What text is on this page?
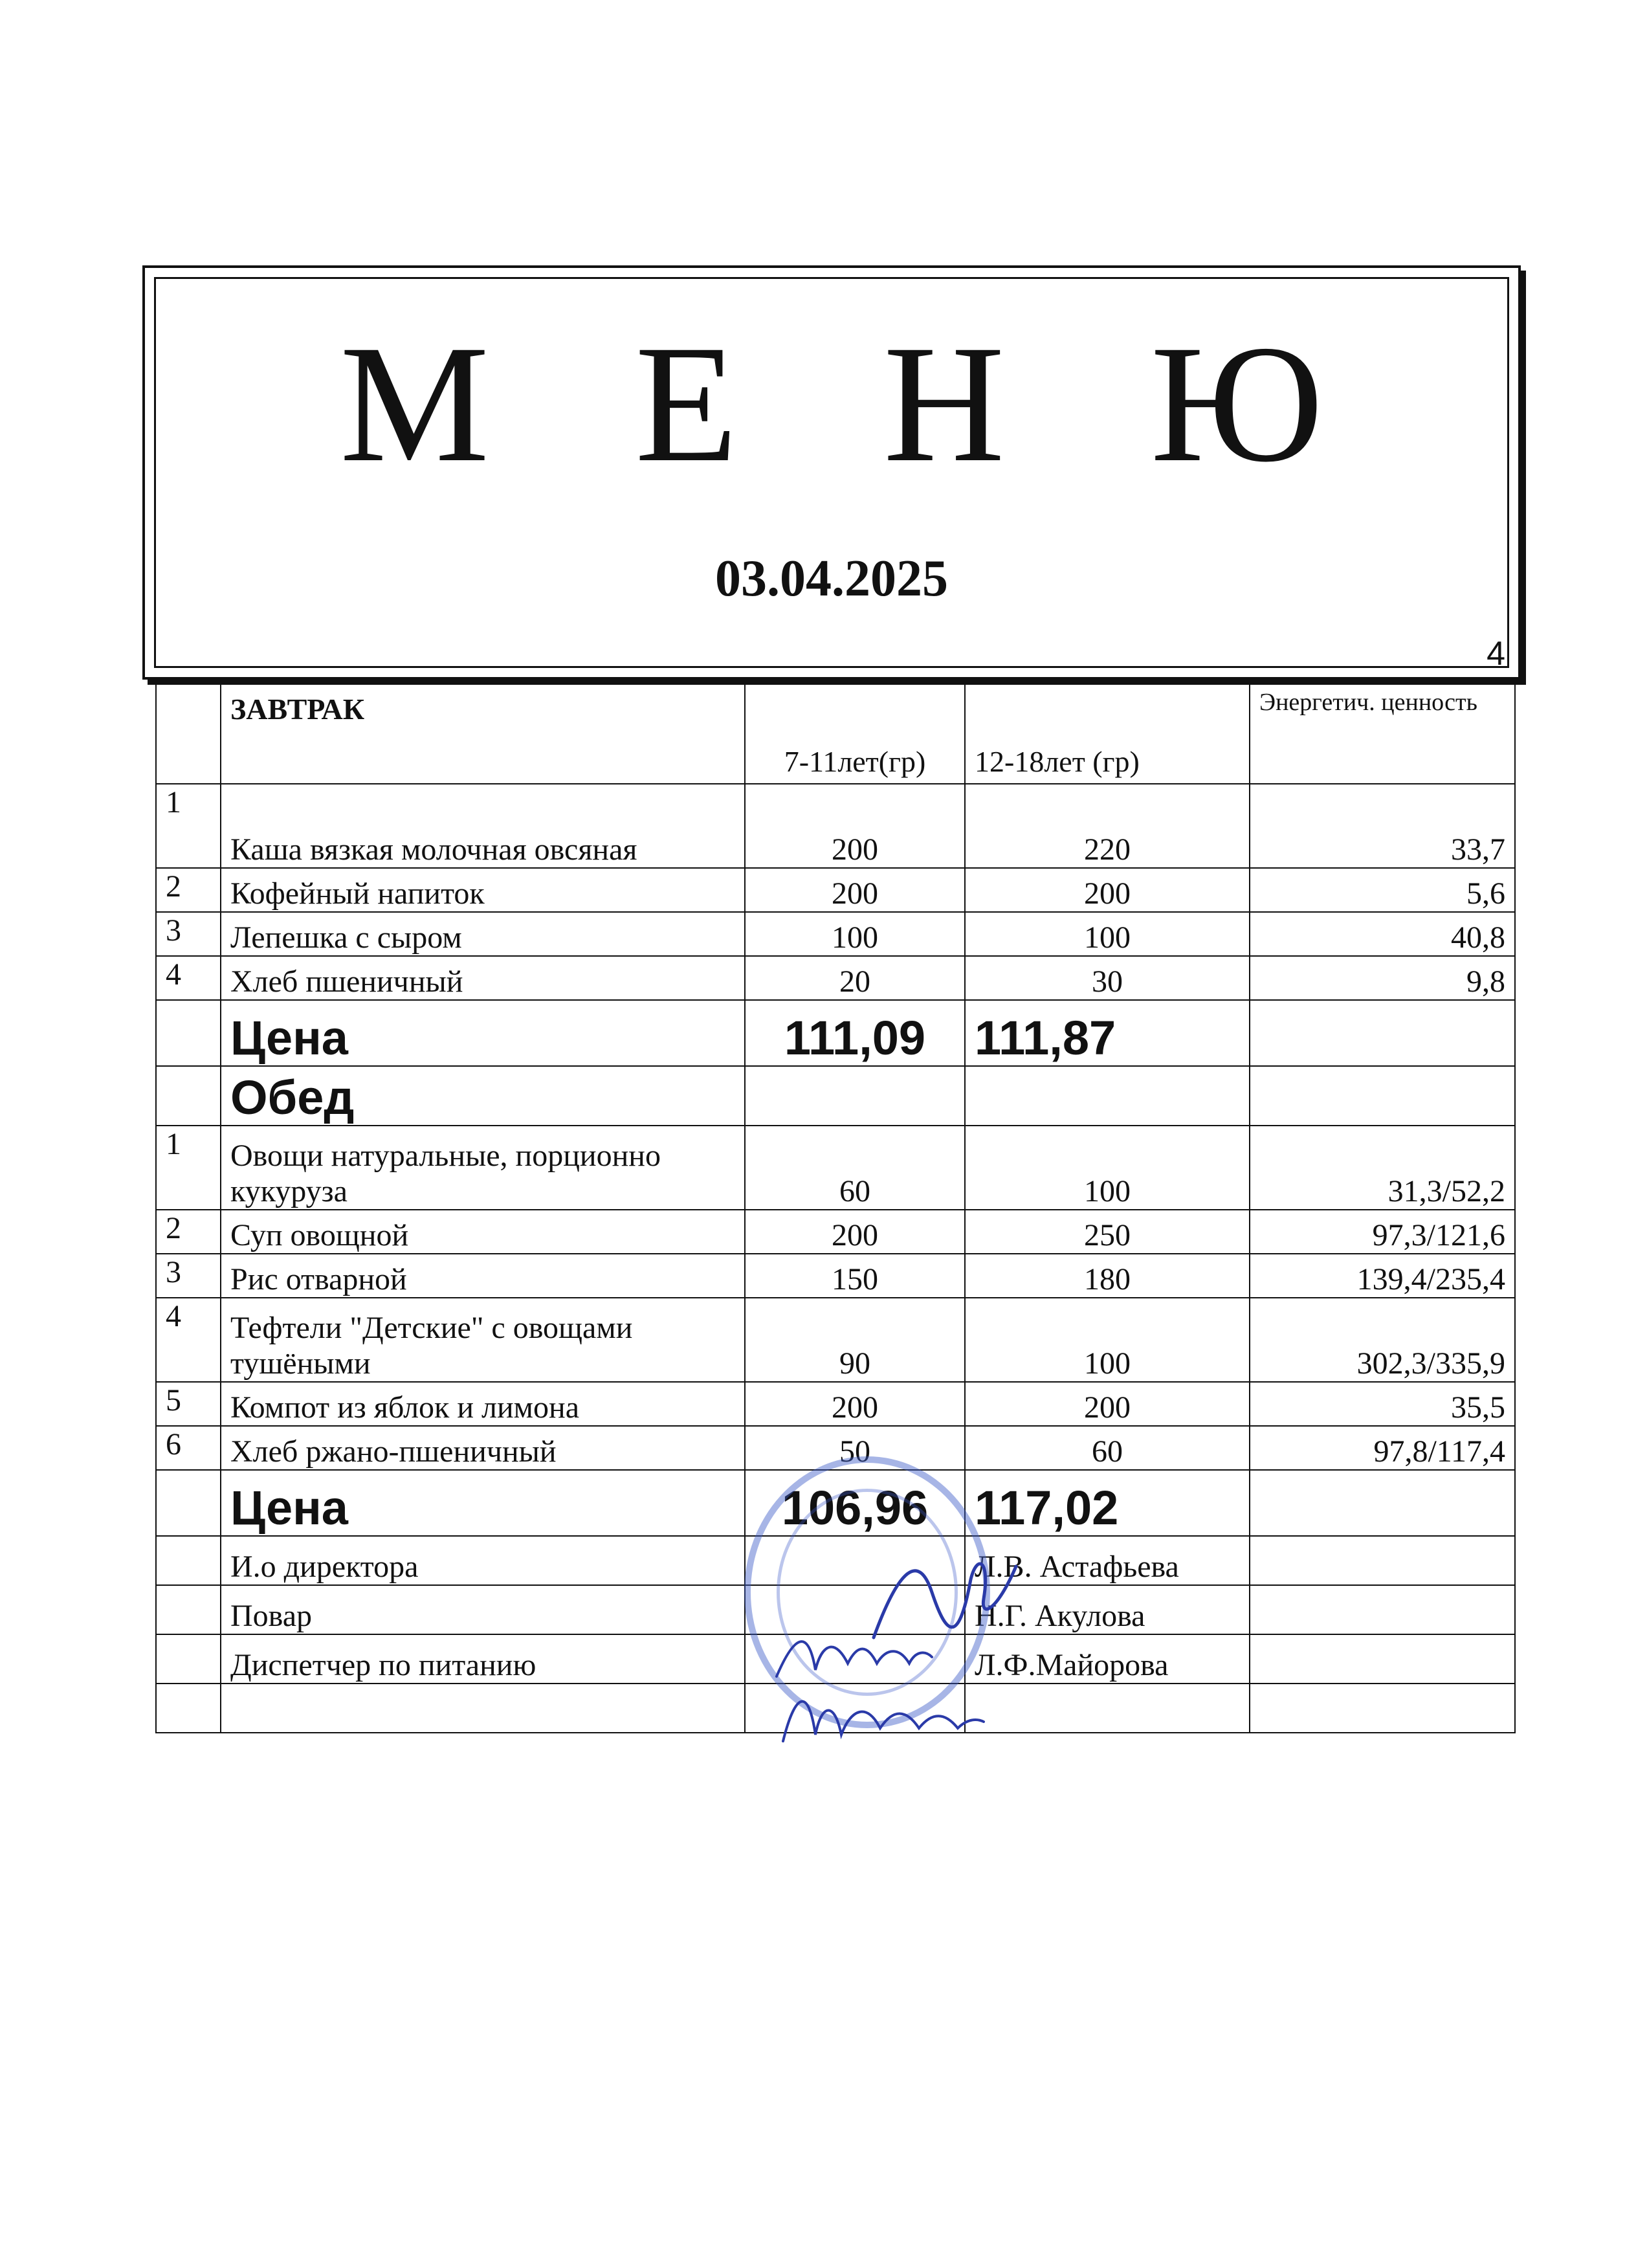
М Е Н Ю
03.04.2025
4
	ЗАВТРАК	7-11лет(гр)	12-18лет (гр)	Энергетич. ценность
1	Каша вязкая молочная овсяная	200	220	33,7
2	Кофейный напиток	200	200	5,6
3	Лепешка с сыром	100	100	40,8
4	Хлеб пшеничный	20	30	9,8
	Цена	111,09	111,87	
	Обед			
1	Овощи натуральные, порционно кукуруза	60	100	31,3/52,2
2	Суп овощной	200	250	97,3/121,6
3	Рис отварной	150	180	139,4/235,4
4	Тефтели "Детские" с овощами тушёными	90	100	302,3/335,9
5	Компот из яблок и лимона	200	200	35,5
6	Хлеб ржано-пшеничный	50	60	97,8/117,4
	Цена	106,96	117,02	
	И.о директора		Л.В. Астафьева	
	Повар		Н.Г. Акулова	
	Диспетчер по питанию		Л.Ф.Майорова	
